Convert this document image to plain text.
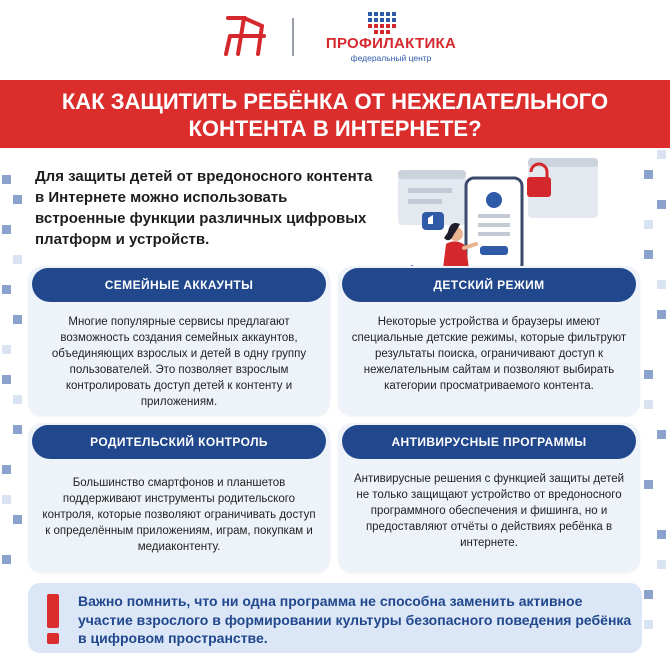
ПРОФИЛАКТИКА
федеральный центр
КАК ЗАЩИТИТЬ РЕБЁНКА ОТ НЕЖЕЛАТЕЛЬНОГО КОНТЕНТА В ИНТЕРНЕТЕ?

Для защиты детей от вредоносного контента в Интернете можно использовать встроенные функции различных цифровых платформ и устройств.

СЕМЕЙНЫЕ АККАУНТЫ

Многие популярные сервисы предлагают возможность создания семейных аккаунтов, объединяющих взрослых и детей в одну группу пользователей. Это позволяет взрослым контролировать доступ детей к контенту и приложениям.

ДЕТСКИЙ РЕЖИМ

Некоторые устройства и браузеры имеют специальные детские режимы, которые фильтруют результаты поиска, ограничивают доступ к нежелательным сайтам и позволяют выбирать категории просматриваемого контента.

РОДИТЕЛЬСКИЙ КОНТРОЛЬ

Большинство смартфонов и планшетов поддерживают инструменты родительского контроля, которые позволяют ограничивать доступ к определённым приложениям, играм, покупкам и медиаконтенту.

АНТИВИРУСНЫЕ ПРОГРАММЫ

Антивирусные решения с функцией защиты детей не только защищают устройство от вредоносного программного обеспечения и фишинга, но и предоставляют отчёты о действиях ребёнка в интернете.

Важно помнить, что ни одна программа не способна заменить активное участие взрослого в формировании культуры безопасного поведения ребёнка в цифровом пространстве.
